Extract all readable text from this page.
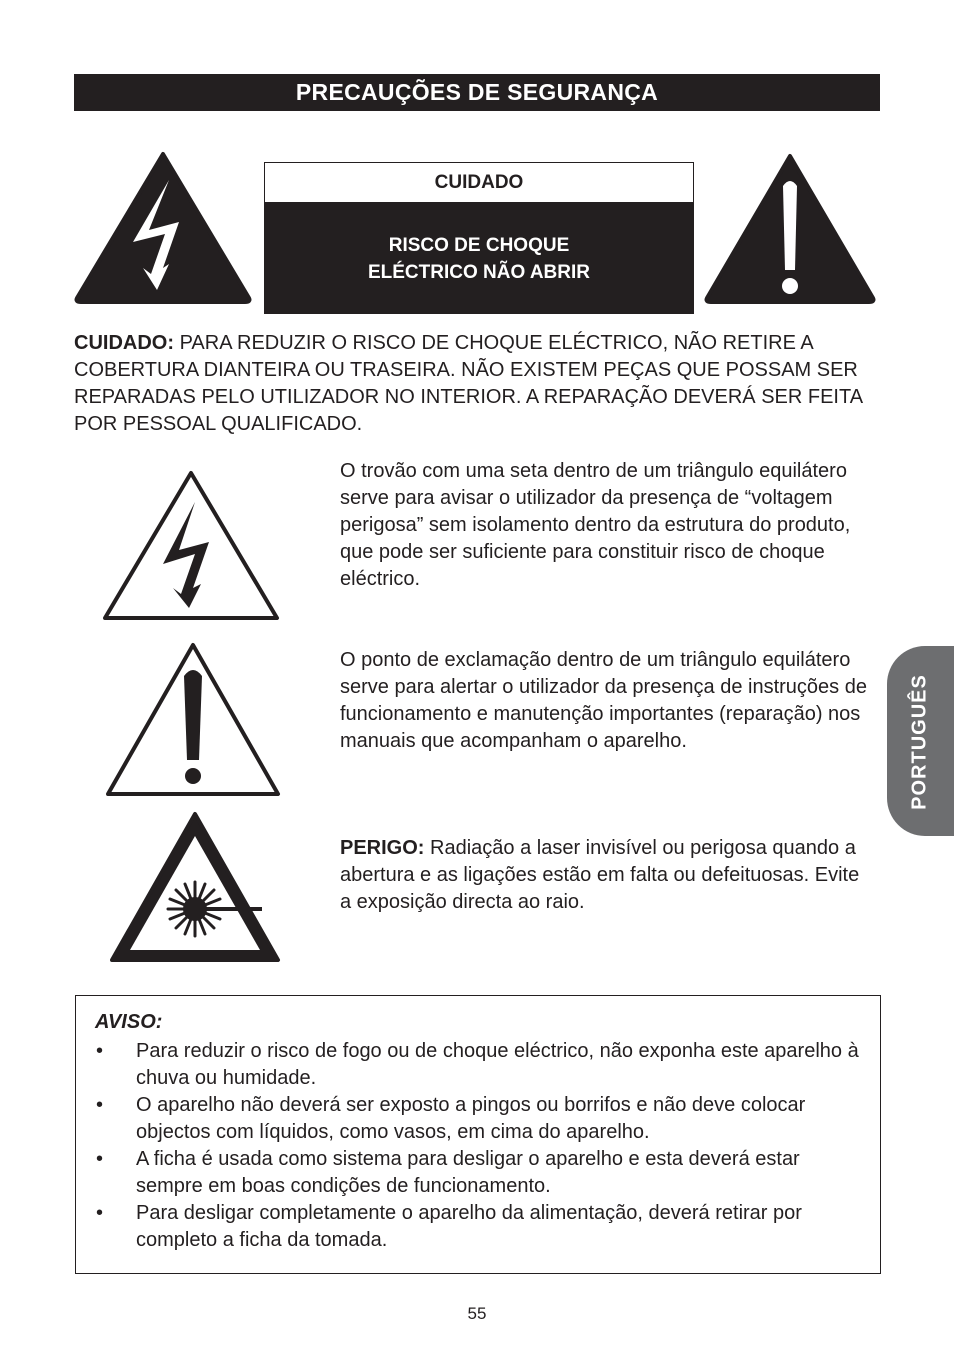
PRECAUÇÕES DE SEGURANÇA
CUIDADO
RISCO DE CHOQUE
ELÉCTRICO NÃO ABRIR
CUIDADO: PARA REDUZIR O RISCO DE CHOQUE ELÉCTRICO, NÃO RETIRE A COBERTURA DIANTEIRA OU TRASEIRA. NÃO EXISTEM PEÇAS QUE POSSAM SER REPARADAS PELO UTILIZADOR NO INTERIOR. A REPARAÇÃO DEVERÁ SER FEITA POR PESSOAL QUALIFICADO.
O trovão com uma seta dentro de um triângulo equilátero serve para avisar o utilizador da presença de “voltagem perigosa” sem isolamento dentro da estrutura do produto, que pode ser suficiente para constituir risco de choque eléctrico.
O ponto de exclamação dentro de um triângulo equilátero serve para alertar o utilizador da presença de instruções de funcionamento e manutenção importantes (reparação) nos manuais que acompanham o aparelho.
PERIGO: Radiação a laser invisível ou perigosa quando a abertura e as ligações estão em falta ou defeituosas. Evite a exposição directa ao raio.
PORTUGUÊS
AVISO:
• Para reduzir o risco de fogo ou de choque eléctrico, não exponha este aparelho à chuva ou humidade.
• O aparelho não deverá ser exposto a pingos ou borrifos e não deve colocar objectos com líquidos, como vasos, em cima do aparelho.
• A ficha é usada como sistema para desligar o aparelho e esta deverá estar sempre em boas condições de funcionamento.
• Para desligar completamente o aparelho da alimentação, deverá retirar por completo a ficha da tomada.
55
